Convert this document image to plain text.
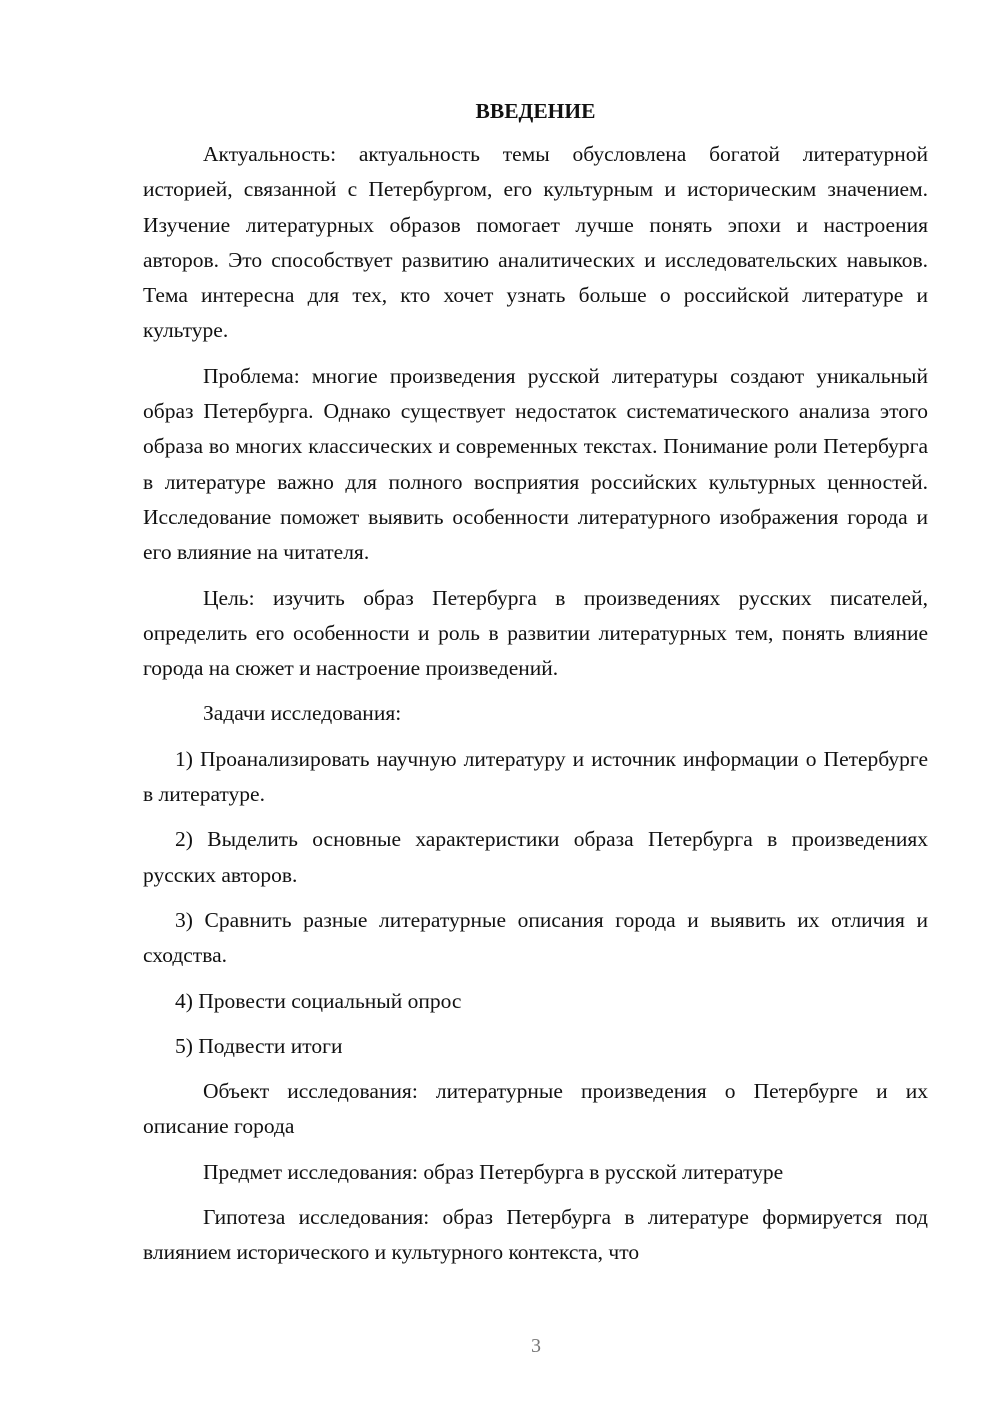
ВВЕДЕНИЕ

Актуальность: актуальность темы обусловлена богатой литературной историей, связанной с Петербургом, его культурным и историческим значением. Изучение литературных образов помогает лучше понять эпохи и настроения авторов. Это способствует развитию аналитических и исследовательских навыков. Тема интересна для тех, кто хочет узнать больше о российской литературе и культуре.

Проблема: многие произведения русской литературы создают уникальный образ Петербурга. Однако существует недостаток систематического анализа этого образа во многих классических и современных текстах. Понимание роли Петербурга в литературе важно для полного восприятия российских культурных ценностей. Исследование поможет выявить особенности литературного изображения города и его влияние на читателя.

Цель: изучить образ Петербурга в произведениях русских писателей, определить его особенности и роль в развитии литературных тем, понять влияние города на сюжет и настроение произведений.

Задачи исследования:

1) Проанализировать научную литературу и источник информации о Петербурге в литературе.

2) Выделить основные характеристики образа Петербурга в произведениях русских авторов.

3) Сравнить разные литературные описания города и выявить их отличия и сходства.

4) Провести социальный опрос

5) Подвести итоги

Объект исследования: литературные произведения о Петербурге и их описание города

Предмет исследования: образ Петербурга в русской литературе

Гипотеза исследования: образ Петербурга в литературе формируется под влиянием исторического и культурного контекста, что

3
